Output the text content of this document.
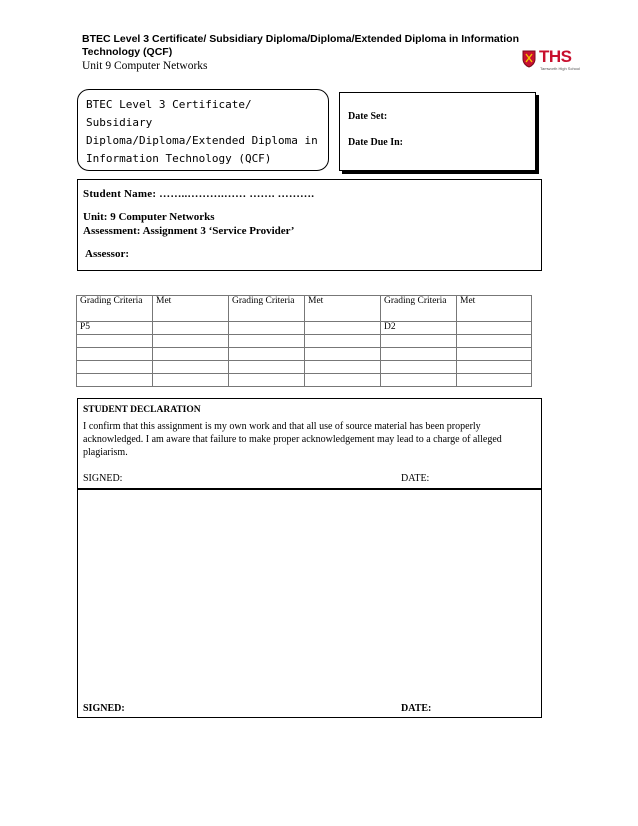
BTEC Level 3 Certificate/ Subsidiary Diploma/Diploma/Extended Diploma in Information Technology (QCF)
Unit 9 Computer Networks	THS
Tamworth High School
BTEC Level 3 Certificate/ Subsidiary
Diploma/Diploma/Extended Diploma in
Information Technology (QCF)
Date Set:
Date Due In:
Student Name: ……..……….…… ……. ……….
Unit: 9 Computer Networks
Assessment: Assignment 3 ‘Service Provider’
Assessor:
Grading Criteria	Met	Grading Criteria	Met	Grading Criteria	Met
P5				D2	

STUDENT DECLARATION
I confirm that this assignment is my own work and that all use of source material has been properly acknowledged. I am aware that failure to make proper acknowledgement may lead to a charge of alleged plagiarism.
SIGNED:	DATE:
SIGNED:	DATE:
